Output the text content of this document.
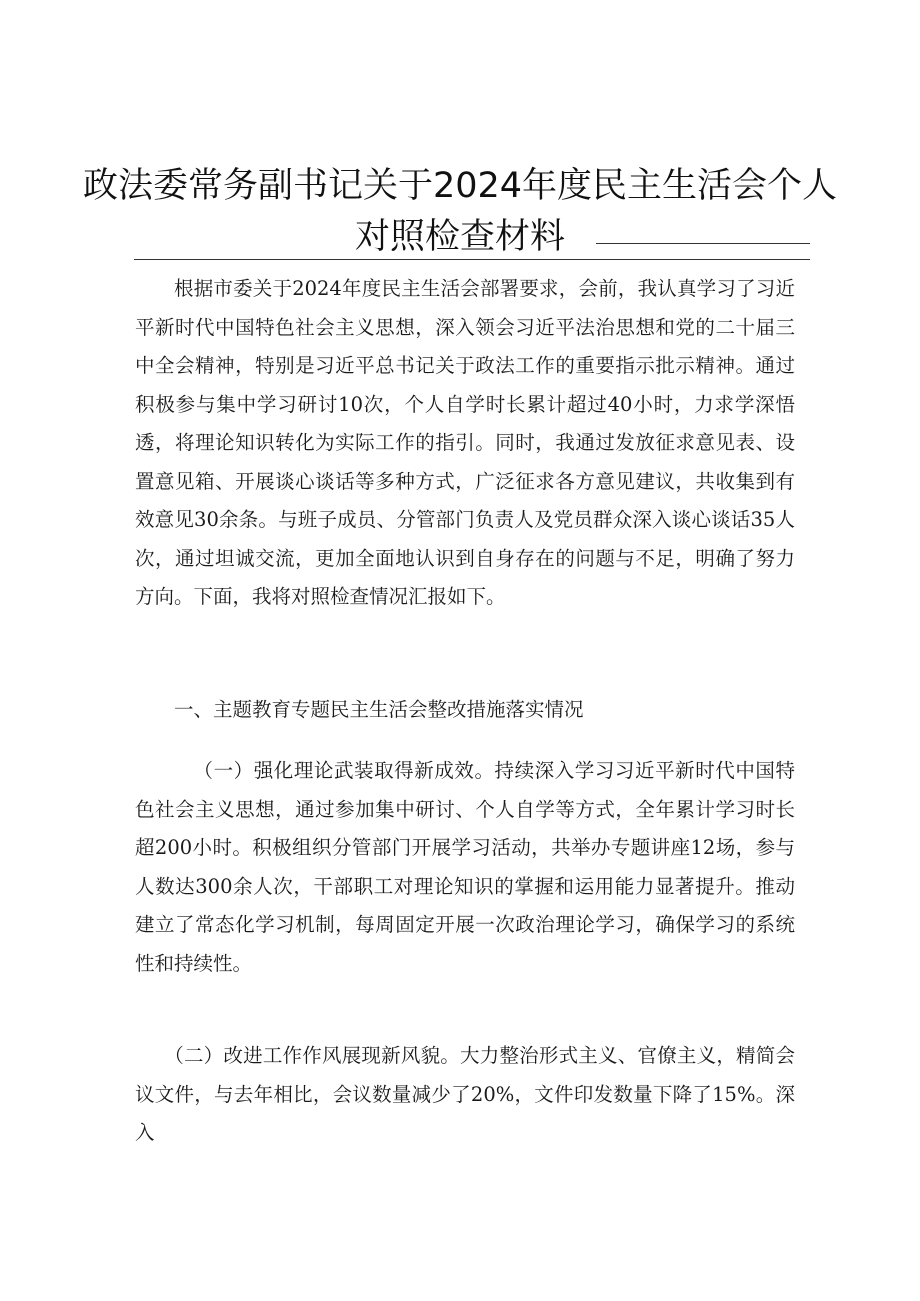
政法委常务副书记关于2024年度民主生活会个人
对照检查材料

根据市委关于2024年度民主生活会部署要求，会前，我认真学习了习近平新时代中国特色社会主义思想，深入领会习近平法治思想和党的二十届三中全会精神，特别是习近平总书记关于政法工作的重要指示批示精神。通过积极参与集中学习研讨10次，个人自学时长累计超过40小时，力求学深悟透，将理论知识转化为实际工作的指引。同时，我通过发放征求意见表、设置意见箱、开展谈心谈话等多种方式，广泛征求各方意见建议，共收集到有效意见30余条。与班子成员、分管部门负责人及党员群众深入谈心谈话35人次，通过坦诚交流，更加全面地认识到自身存在的问题与不足，明确了努力方向。下面，我将对照检查情况汇报如下。

一、主题教育专题民主生活会整改措施落实情况

（一）强化理论武装取得新成效。持续深入学习习近平新时代中国特色社会主义思想，通过参加集中研讨、个人自学等方式，全年累计学习时长超200小时。积极组织分管部门开展学习活动，共举办专题讲座12场，参与人数达300余人次，干部职工对理论知识的掌握和运用能力显著提升。推动建立了常态化学习机制，每周固定开展一次政治理论学习，确保学习的系统性和持续性。

（二）改进工作作风展现新风貌。大力整治形式主义、官僚主义，精简会议文件，与去年相比，会议数量减少了20%，文件印发数量下降了15%。深入
